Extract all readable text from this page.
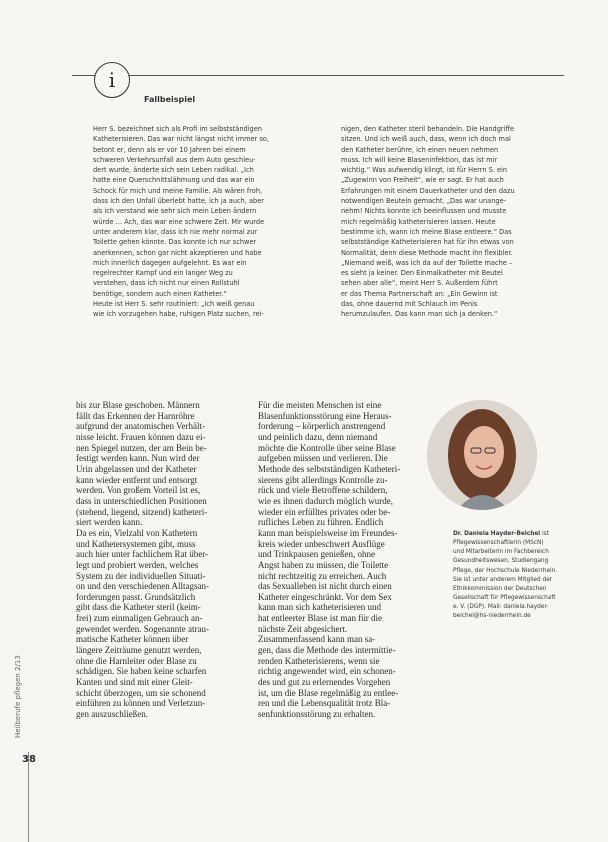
i
Fallbeispiel
Herr S. bezeichnet sich als Profi im selbstständigen
Katheterisieren. Das war nicht längst nicht immer so,
betont er, denn als er vor 10 Jahren bei einem
schweren Verkehrsunfall aus dem Auto geschleu-
dert wurde, änderte sich sein Leben radikal. „Ich
hatte eine Querschnittslähmung und das war ein
Schock für mich und meine Familie. Als wären froh,
dass ich den Unfall überlebt hatte, ich ja auch, aber
als ich verstand wie sehr sich mein Leben ändern
würde … Ach, das war eine schwere Zeit. Mir wurde
unter anderem klar, dass ich nie mehr normal zur
Toilette gehen könnte. Das konnte ich nur schwer
anerkennen, schon gar nicht akzeptieren und habe
mich innerlich dagegen aufgelehnt. Es war ein
regelrechter Kampf und ein langer Weg zu
verstehen, dass ich nicht nur einen Rollstuhl
benötige, sondern auch einen Katheter.“
Heute ist Herr S. sehr routiniert: „Ich weiß genau
wie ich vorzugehen habe, ruhigen Platz suchen, rei-
nigen, den Katheter steril behandeln. Die Handgriffe
sitzen. Und ich weiß auch, dass, wenn ich doch mal
den Katheter berühre, ich einen neuen nehmen
muss. Ich will keine Blaseninfektion, das ist mir
wichtig.“ Was aufwendig klingt, ist für Herrn S. ein
„Zugewinn von Freiheit“, wie er sagt. Er hat auch
Erfahrungen mit einem Dauerkatheter und den dazu
notwendigen Beuteln gemacht. „Das war unange-
nehm! Nichts konnte ich beeinflussen und musste
mich regelmäßig katheterisieren lassen. Heute
bestimme ich, wann ich meine Blase entleere.“ Das
selbstständige Katheterisieren hat für ihn etwas von
Normalität, denn diese Methode macht ihn flexibler.
„Niemand weiß, was ich da auf der Toilette mache –
es sieht ja keiner. Den Einmalkatheter mit Beutel
sehen aber alle“, meint Herr S. Außerdem führt
er das Thema Partnerschaft an: „Ein Gewinn ist
das, ohne dauernd mit Schlauch im Penis
herumzulaufen. Das kann man sich ja denken.“
bis zur Blase geschoben. Männern
fällt das Erkennen der Harnröhre
aufgrund der anatomischen Verhält-
nisse leicht. Frauen können dazu ei-
nen Spiegel nutzen, der am Bein be-
festigt werden kann. Nun wird der
Urin abgelassen und der Katheter
kann wieder entfernt und entsorgt
werden. Von großem Vorteil ist es,
dass in unterschiedlichen Positionen
(stehend, liegend, sitzend) katheteri-
siert werden kann.
Da es ein, Vielzahl von Kathetern
und Kathetersystemen gibt, muss
auch hier unter fachlichem Rat über-
legt und probiert werden, welches
System zu der individuellen Situati-
on und den verschiedenen Alltagsan-
forderungen passt. Grundsätzlich
gibt dass die Katheter steril (keim-
frei) zum einmaligen Gebrauch an-
gewendet werden. Sogenannte atrau-
matische Katheter können über
längere Zeiträume genutzt werden,
ohne die Harnleiter oder Blase zu
schädigen. Sie haben keine scharfen
Kanten und sind mit einer Gleit-
schicht überzogen, um sie schonend
einführen zu können und Verletzun-
gen auszuschließen.
Für die meisten Menschen ist eine
Blasenfunktionsstörung eine Heraus-
forderung – körperlich anstrengend
und peinlich dazu, denn niemand
möchte die Kontrolle über seine Blase
aufgeben müssen und verlieren. Die
Methode des selbstständigen Katheteri-
sierens gibt allerdings Kontrolle zu-
rück und viele Betroffene schildern,
wie es ihnen dadurch möglich wurde,
wieder ein erfülltes privates oder be-
rufliches Leben zu führen. Endlich
kann man beispielsweise im Freundes-
kreis wieder unbeschwert Ausflüge
und Trinkpausen genießen, ohne
Angst haben zu müssen, die Toilette
nicht rechtzeitig zu erreichen. Auch
das Sexualleben ist nicht durch einen
Katheter eingeschränkt. Vor dem Sex
kann man sich katheterisieren und
hat entleerter Blase ist man für die
nächste Zeit abgesichert.
Zusammenfassend kann man sa-
gen, dass die Methode des intermittie-
renden Katheterisierens, wenn sie
richtig angewendet wird, ein schonen-
des und gut zu erlernendes Vorgehen
ist, um die Blase regelmäßig zu entlee-
ren und die Lebensqualität trotz Bla-
senfunktionsstörung zu erhalten.
Dr. Daniela Hayder-Beichel ist
Pflegewissenschaftlerin (MScN)
und Mitarbeiterin im Fachbereich
Gesundheitswesen, Studiengang
Pflege, der Hochschule Niederrhein.
Sie ist unter anderem Mitglied der
Ethikkommission der Deutschen
Gesellschaft für Pflegewissenschaft
e. V. (DGP). Mail: daniela.hayder-
beichel@hs-niederrhein.de
Heilberufe pflegen 2/13
38
